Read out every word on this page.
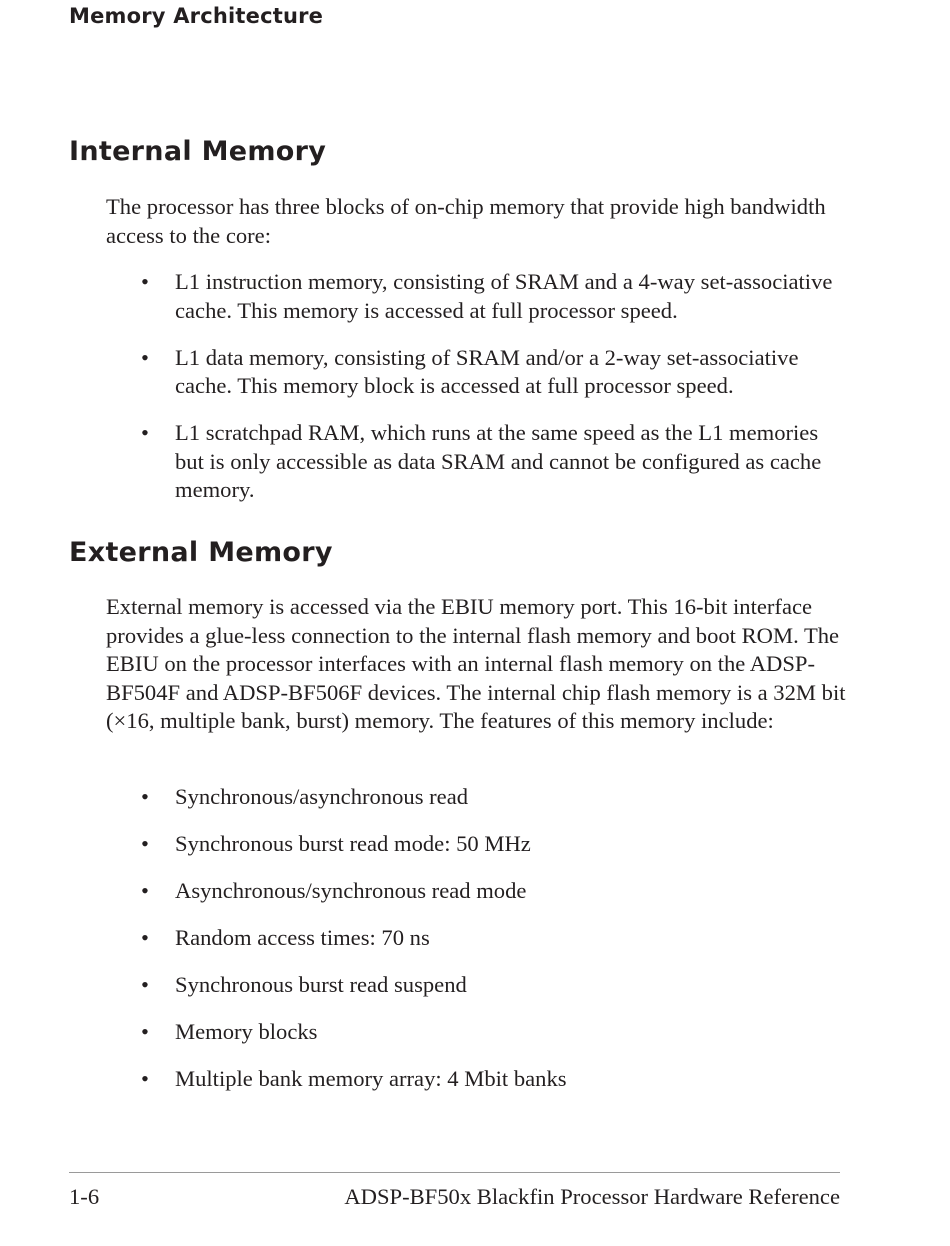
Memory Architecture
Internal Memory

The processor has three blocks of on-chip memory that provide high bandwidth access to the core:

• L1 instruction memory, consisting of SRAM and a 4-way set-associative cache. This memory is accessed at full processor speed.
• L1 data memory, consisting of SRAM and/or a 2-way set-associative cache. This memory block is accessed at full processor speed.
• L1 scratchpad RAM, which runs at the same speed as the L1 memories but is only accessible as data SRAM and cannot be configured as cache memory.
External Memory

External memory is accessed via the EBIU memory port. This 16-bit interface provides a glue-less connection to the internal flash memory and boot ROM. The EBIU on the processor interfaces with an internal flash memory on the ADSP-BF504F and ADSP-BF506F devices. The internal chip flash memory is a 32M bit (×16, multiple bank, burst) memory. The features of this memory include:

• Synchronous/asynchronous read
• Synchronous burst read mode: 50 MHz
• Asynchronous/synchronous read mode
• Random access times: 70 ns
• Synchronous burst read suspend
• Memory blocks
• Multiple bank memory array: 4 Mbit banks
1-6	ADSP-BF50x Blackfin Processor Hardware Reference
